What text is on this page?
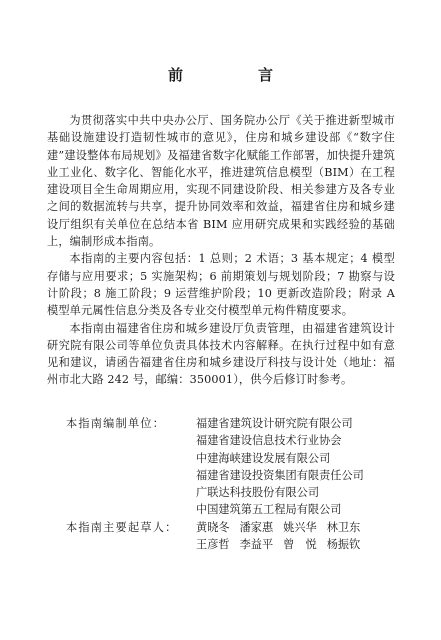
前　言

为贯彻落实中共中央办公厅、国务院办公厅《关于推进新型城市基础设施建设打造韧性城市的意见》，住房和城乡建设部《“数字住建”建设整体布局规划》及福建省数字化赋能工作部署，加快提升建筑业工业化、数字化、智能化水平，推进建筑信息模型（BIM）在工程建设项目全生命周期应用，实现不同建设阶段、相关参建方及各专业之间的数据流转与共享，提升协同效率和效益，福建省住房和城乡建设厅组织有关单位在总结本省 BIM 应用研究成果和实践经验的基础上，编制形成本指南。

本指南的主要内容包括：1 总则；2 术语；3 基本规定；4 模型存储与应用要求；5 实施架构；6 前期策划与规划阶段；7 勘察与设计阶段；8 施工阶段；9 运营维护阶段；10 更新改造阶段；附录 A 模型单元属性信息分类及各专业交付模型单元构件精度要求。

本指南由福建省住房和城乡建设厅负责管理，由福建省建筑设计研究院有限公司等单位负责具体技术内容解释。在执行过程中如有意见和建议，请函告福建省住房和城乡建设厅科技与设计处（地址：福州市北大路 242 号，邮编：350001），供今后修订时参考。

本指南编制单位：	福建省建筑设计研究院有限公司
福建省建设信息技术行业协会
中建海峡建设发展有限公司
福建省建设投资集团有限责任公司
广联达科技股份有限公司
中国建筑第五工程局有限公司
本指南主要起草人：	黄晓冬 潘家惠 姚兴华 林卫东
王彦哲 李益平 曾　悦 杨振钦
